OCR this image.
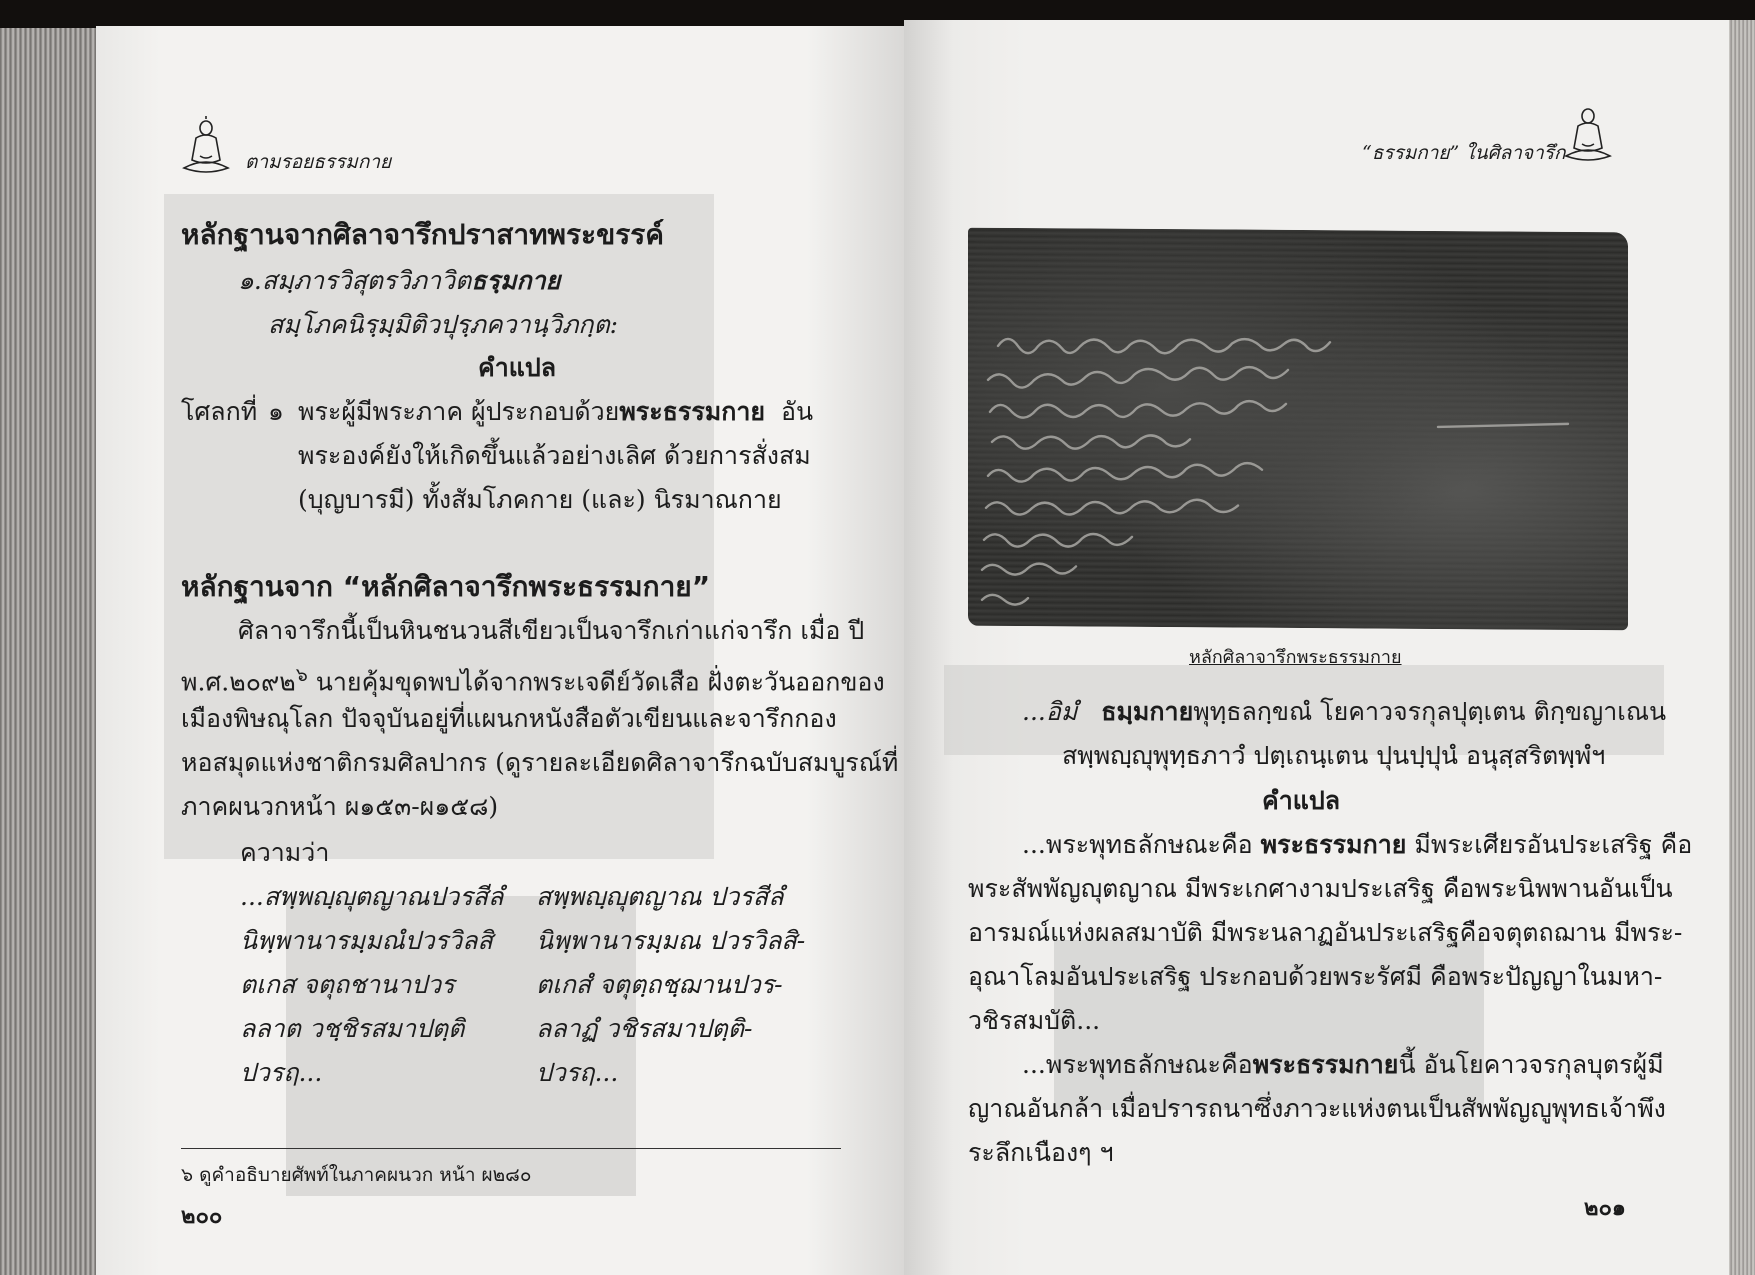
ตามรอยธรรมกาย
หลักฐานจากศิลาจารึกปราสาทพระขรรค์
๑.สมฺภารวิสุตรวิภาวิตธรฺมกาย
สมฺโภคนิรฺมฺมิติวปุรฺภควานฺวิภกฺต:
คำแปล
โศลกที่ ๑ พระผู้มีพระภาค ผู้ประกอบด้วยพระธรรมกาย อัน
พระองค์ยังให้เกิดขึ้นแล้วอย่างเลิศ ด้วยการสั่งสม
(บุญบารมี) ทั้งสัมโภคกาย (และ) นิรมาณกาย
หลักฐานจาก “หลักศิลาจารึกพระธรรมกาย”
ศิลาจารึกนี้เป็นหินชนวนสีเขียวเป็นจารึกเก่าแก่จารึก เมื่อ ปี
พ.ศ.๒๐๙๒$^๖$ นายคุ้มขุดพบได้จากพระเจดีย์วัดเสือ ฝั่งตะวันออกของ
เมืองพิษณุโลก ปัจจุบันอยู่ที่แผนกหนังสือตัวเขียนและจารึกกอง
หอสมุดแห่งชาติกรมศิลปากร (ดูรายละเอียดศิลาจารึกฉบับสมบูรณ์ที่
ภาคผนวกหน้า ผ๑๕๓-ผ๑๕๘)
ความว่า
...สพฺพญฺญุตญาณปวรสีลํ
นิพฺพานารมฺมณํปวรวิลสิ
ตเกส จตุถชานาปวร
ลลาต วชฺชิรสมาปตฺติ
ปวรฤ...
สพฺพญฺญุตญาณ ปวรสีลํ
นิพฺพานารมฺมณ ปวรวิลสิ-
ตเกสํ จตุตฺถชฺฌานปวร-
ลลาฏํ วชิรสมาปตฺติ-
ปวรฤ...
๖ ดูคำอธิบายศัพท์ในภาคผนวก หน้า ผ๒๘๐
๒๐๐
“ธรรมกาย” ในศิลาจารึก
หลักศิลาจารึกพระธรรมกาย
...อิมํ ธมฺมกายพุทฺธลกฺขณํ โยคาวจรกุลปุตฺเตน ติกฺขญาเณน
สพฺพญฺญุพุทฺธภาวํ ปตฺเถนฺเตน ปุนปฺปุนํ อนุสฺสริตพฺพํฯ
คำแปล
...พระพุทธลักษณะคือ พระธรรมกาย มีพระเศียรอันประเสริฐ คือ
พระสัพพัญญุตญาณ มีพระเกศางามประเสริฐ คือพระนิพพานอันเป็น
อารมณ์แห่งผลสมาบัติ มีพระนลาฏอันประเสริฐคือจตุตถฌาน มีพระ-
อุณาโลมอันประเสริฐ ประกอบด้วยพระรัศมี คือพระปัญญาในมหา-
วชิรสมบัติ...
...พระพุทธลักษณะคือพระธรรมกายนี้ อันโยคาวจรกุลบุตรผู้มี
ญาณอันกล้า เมื่อปรารถนาซึ่งภาวะแห่งตนเป็นสัพพัญญูพุทธเจ้าพึง
ระลึกเนืองๆ ฯ
๒๐๑
